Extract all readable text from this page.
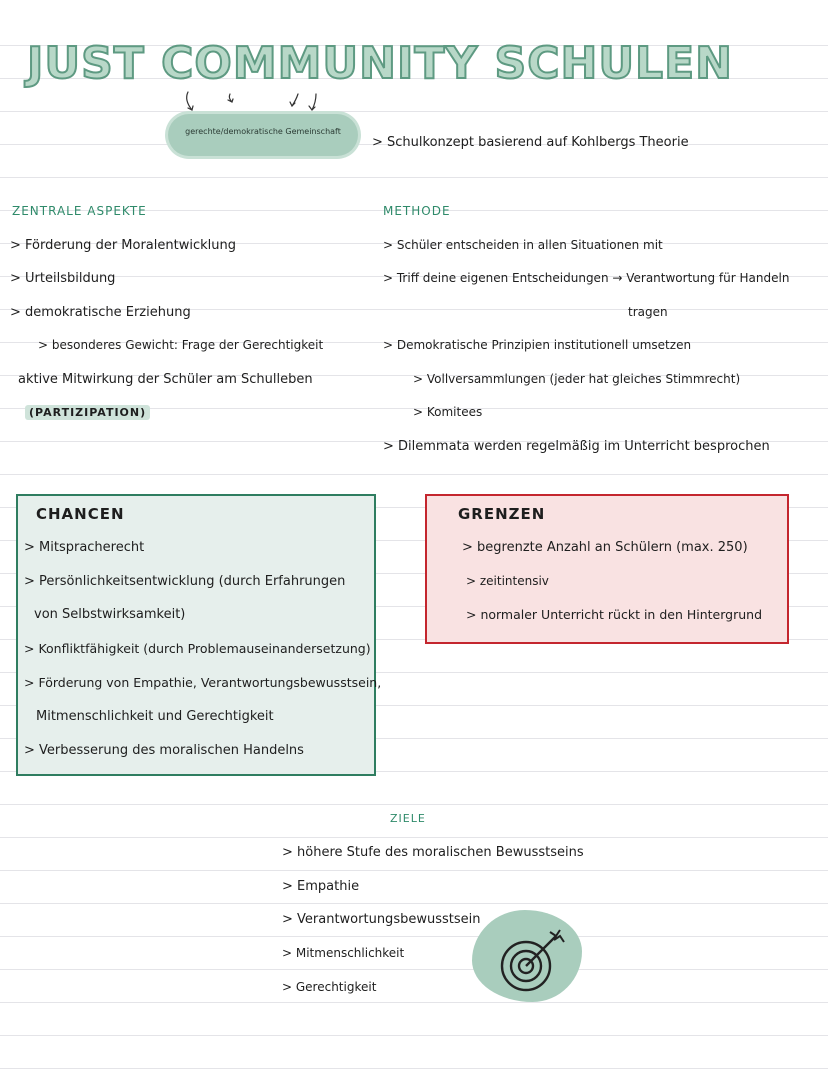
JUST COMMUNITY SCHULEN
gerechte/demokratische Gemeinschaft
> Schulkonzept basierend auf Kohlbergs Theorie
ZENTRALE ASPEKTE
> Förderung der Moralentwicklung
> Urteilsbildung
> demokratische Erziehung
> besonderes Gewicht: Frage der Gerechtigkeit
aktive Mitwirkung der Schüler am Schulleben
(PARTIZIPATION)
METHODE
> Schüler entscheiden in allen Situationen mit
> Triff deine eigenen Entscheidungen → Verantwortung für Handeln
tragen
> Demokratische Prinzipien institutionell umsetzen
> Vollversammlungen (jeder hat gleiches Stimmrecht)
> Komitees
> Dilemmata werden regelmäßig im Unterricht besprochen
CHANCEN
> Mitspracherecht
> Persönlichkeitsentwicklung (durch Erfahrungen
von Selbstwirksamkeit)
> Konfliktfähigkeit (durch Problemauseinandersetzung)
> Förderung von Empathie, Verantwortungsbewusstsein,
Mitmenschlichkeit und Gerechtigkeit
> Verbesserung des moralischen Handelns
GRENZEN
> begrenzte Anzahl an Schülern (max. 250)
> zeitintensiv
> normaler Unterricht rückt in den Hintergrund
ZIELE
> höhere Stufe des moralischen Bewusstseins
> Empathie
> Verantwortungsbewusstsein
> Mitmenschlichkeit
> Gerechtigkeit
